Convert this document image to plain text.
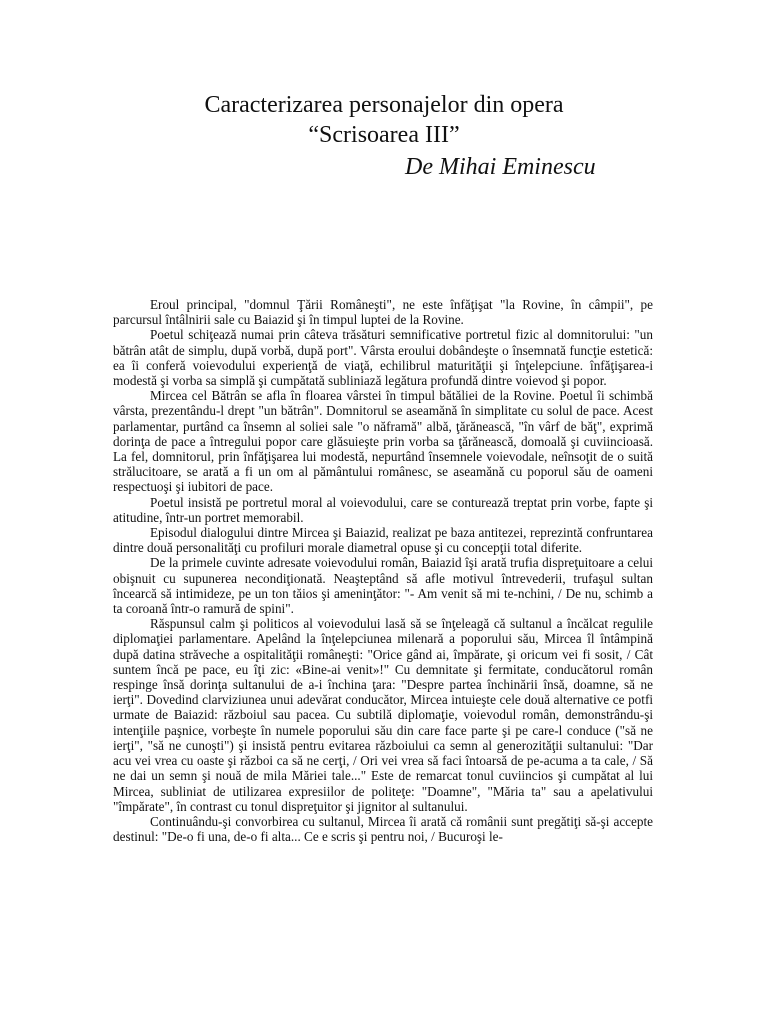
Caracterizarea personajelor din opera

“Scrisoarea III”

De Mihai Eminescu

Eroul principal, "domnul Ţării Româneşti", ne este înfăţişat "la Rovine, în câmpii", pe parcursul întâlnirii sale cu Baiazid şi în timpul luptei de la Rovine.

Poetul schiţează numai prin câteva trăsături semnificative portretul fizic al domnitorului: "un bătrân atât de simplu, după vorbă, după port". Vârsta eroului dobândeşte o însemnată funcţie estetică: ea îi conferă voievodului experienţă de viaţă, echilibrul maturităţii şi înţelepciune. înfăţişarea-i modestă şi vorba sa simplă şi cumpătată subliniază legătura profundă dintre voievod şi popor.

Mircea cel Bătrân se afla în floarea vârstei în timpul bătăliei de la Rovine. Poetul îi schimbă vârsta, prezentându-l drept "un bătrân". Domnitorul se aseamănă în simplitate cu solul de pace. Acest parlamentar, purtând ca însemn al soliei sale "o năframă" albă, ţărănească, "în vârf de băţ", exprimă dorinţa de pace a întregului popor care glăsuieşte prin vorba sa ţărănească, domoală şi cuviincioasă. La fel, domnitorul, prin înfăţişarea lui modestă, nepurtând însemnele voievodale, neînsoţit de o suită strălucitoare, se arată a fi un om al pământului românesc, se aseamănă cu poporul său de oameni respectuoşi şi iubitori de pace.

Poetul insistă pe portretul moral al voievodului, care se conturează treptat prin vorbe, fapte şi atitudine, într-un portret memorabil.

Episodul dialogului dintre Mircea şi Baiazid, realizat pe baza antitezei, reprezintă confruntarea dintre două personalităţi cu profiluri morale diametral opuse şi cu concepţii total diferite.

De la primele cuvinte adresate voievodului român, Baiazid îşi arată trufia dispreţuitoare a celui obişnuit cu supunerea necondiţionată. Neaşteptând să afle motivul întrevederii, trufaşul sultan încearcă să intimideze, pe un ton tăios şi ameninţător: "- Am venit să mi te-nchini, / De nu, schimb a ta coroană într-o ramură de spini".

Răspunsul calm şi politicos al voievodului lasă să se înţeleagă că sultanul a încălcat regulile diplomaţiei parlamentare. Apelând la înţelepciunea milenară a poporului său, Mircea îl întâmpină după datina străveche a ospitalităţii româneşti: "Orice gând ai, împărate, şi oricum vei fi sosit, / Cât suntem încă pe pace, eu îţi zic: «Bine-ai venit»!" Cu demnitate şi fermitate, conducătorul român respinge însă dorinţa sultanului de a-i închina ţara: "Despre partea închinării însă, doamne, să ne ierţi". Dovedind clarviziunea unui adevărat conducător, Mircea intuieşte cele două alternative ce potfi urmate de Baiazid: războiul sau pacea. Cu subtilă diplomaţie, voievodul român, demonstrându-şi intenţiile paşnice, vorbeşte în numele poporului său din care face parte şi pe care-l conduce ("să ne ierţi", "să ne cunoşti") şi insistă pentru evitarea războiului ca semn al generozităţii sultanului: "Dar acu vei vrea cu oaste şi război ca să ne cerţi, / Ori vei vrea să faci întoarsă de pe-acuma a ta cale, / Să ne dai un semn şi nouă de mila Măriei tale..." Este de remarcat tonul cuviincios şi cumpătat al lui Mircea, subliniat de utilizarea expresiilor de politeţe: "Doamne", "Măria ta" sau a apelativului "împărate", în contrast cu tonul dispreţuitor şi jignitor al sultanului.

Continuându-şi convorbirea cu sultanul, Mircea îi arată că românii sunt pregătiţi să-şi accepte destinul: "De-o fi una, de-o fi alta... Ce e scris şi pentru noi, / Bucuroşi le-
